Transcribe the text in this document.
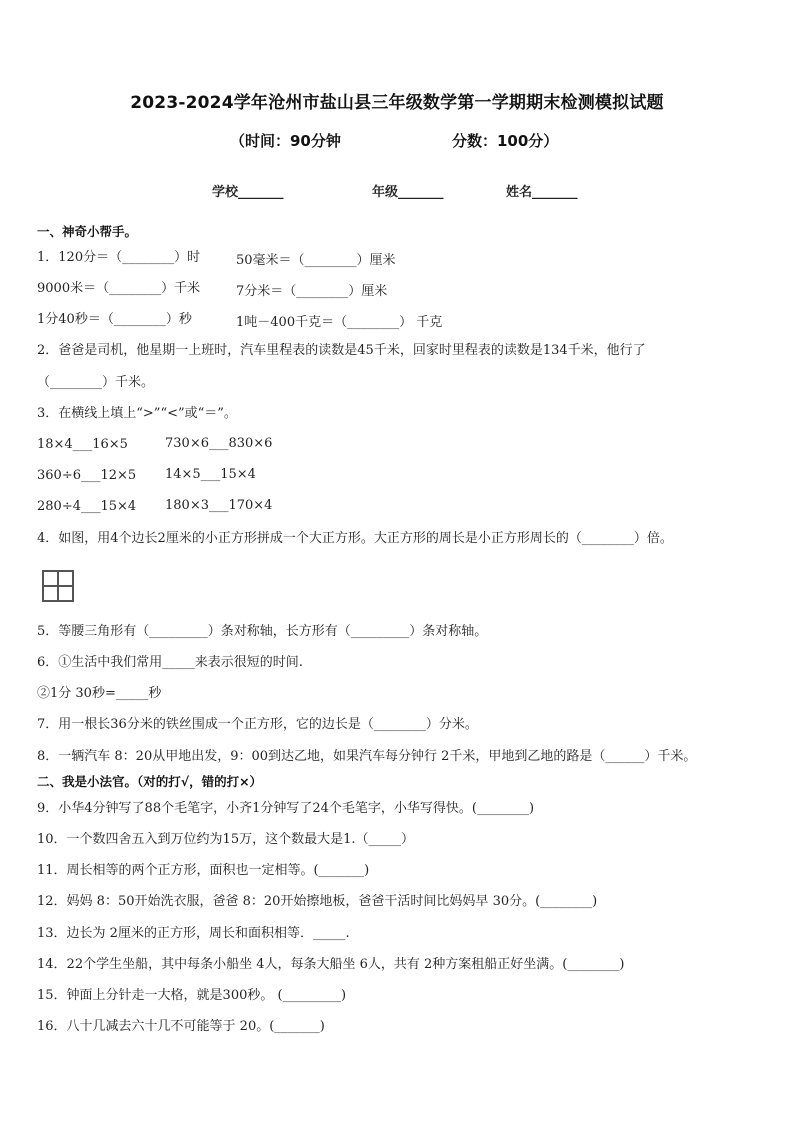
2023-2024学年沧州市盐山县三年级数学第一学期期末检测模拟试题
（时间：90分钟	分数：100分）
学校_______	年级_______	姓名_______
一、神奇小帮手。
1．120分＝（________）时	50毫米＝（________）厘米
9000米＝（________）千米	7分米＝（________）厘米
1分40秒＝（________）秒	1吨－400千克＝（________） 千克
2．爸爸是司机，他星期一上班时，汽车里程表的读数是45千米，回家时里程表的读数是134千米，他行了
（________）千米。
3．在横线上填上“>”“<”或“＝”。
18×4___16×5	730×6___830×6
360÷6___12×5 14×5___15×4
280÷4___15×4 180×3___170×4
4．如图，用4个边长2厘米的小正方形拼成一个大正方形。大正方形的周长是小正方形周长的（________）倍。
5．等腰三角形有（_________）条对称轴，长方形有（_________）条对称轴。
6．①生活中我们常用_____来表示很短的时间.
②1分 30秒=_____秒
7．用一根长36分米的铁丝围成一个正方形，它的边长是（________）分米。
8．一辆汽车 8：20从甲地出发，9：00到达乙地，如果汽车每分钟行 2千米，甲地到乙地的路是（______）千米。
二、我是小法官。（对的打√，错的打×）
9．小华4分钟写了88个毛笔字，小齐1分钟写了24个毛笔字，小华写得快。(________)
10．一个数四舍五入到万位约为15万，这个数最大是1.（_____）
11．周长相等的两个正方形，面积也一定相等。(_______)
12．妈妈 8：50开始洗衣服，爸爸 8：20开始擦地板，爸爸干活时间比妈妈早 30分。(________)
13．边长为 2厘米的正方形，周长和面积相等．_____.
14．22个学生坐船，其中每条小船坐 4人，每条大船坐 6人，共有 2种方案租船正好坐满。(________)
15．钟面上分针走一大格，就是300秒。 (_________)
16．八十几减去六十几不可能等于 20。(_______)
